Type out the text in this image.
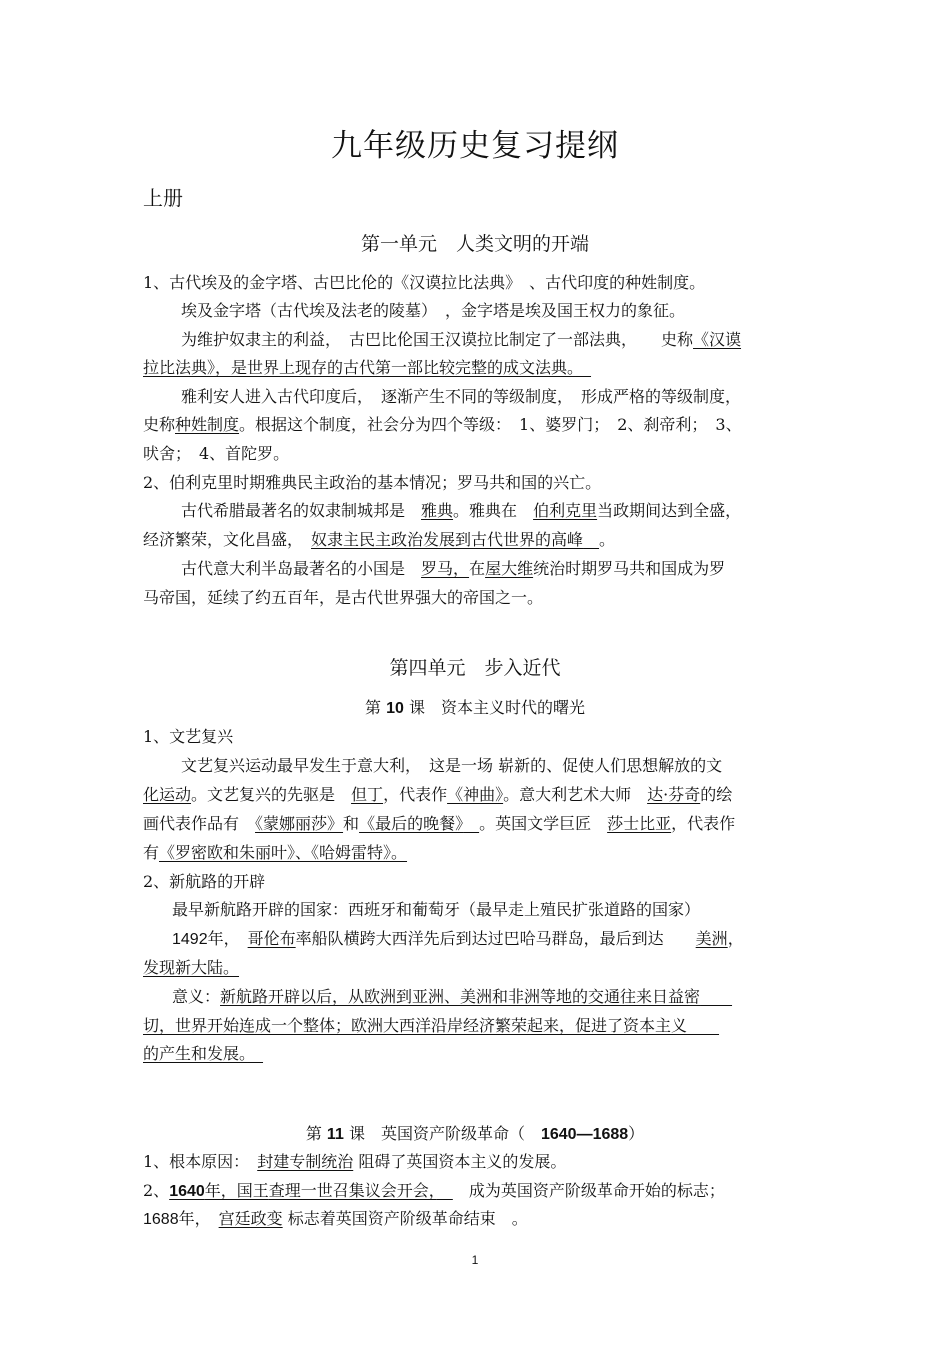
九年级历史复习提纲
上册
第一单元　人类文明的开端
1、古代埃及的金字塔、古巴比伦的《汉谟拉比法典》　、古代印度的种姓制度。
埃及金字塔（古代埃及法老的陵墓）　，金字塔是埃及国王权力的象征。
为维护奴隶主的利益，　古巴比伦国王汉谟拉比制定了一部法典，　　史称《汉谟
拉比法典》，是世界上现存的古代第一部比较完整的成文法典。　
雅利安人进入古代印度后，　逐渐产生不同的等级制度，　形成严格的等级制度，
史称种姓制度。根据这个制度，社会分为四个等级：　1、婆罗门；　2、刹帝利；　3、
吠舍；　4、首陀罗。
2、伯利克里时期雅典民主政治的基本情况；罗马共和国的兴亡。
古代希腊最著名的奴隶制城邦是　 雅典。雅典在　 伯利克里当政期间达到全盛，
经济繁荣，文化昌盛，　奴隶主民主政治发展到古代世界的高峰　 。
古代意大利半岛最著名的小国是　 罗马，在屋大维统治时期罗马共和国成为罗
马帝国，延续了约五百年，是古代世界强大的帝国之一。
第四单元　步入近代
第 10 课　资本主义时代的曙光
1、文艺复兴
文艺复兴运动最早发生于意大利，　这是一场 崭新的、促使人们思想解放的文
化运动。文艺复兴的先驱是　 但丁，代表作《神曲》。意大利艺术大师　 达·芬奇的绘
画代表作品有　 《蒙娜丽莎》和《最后的晚餐》　 。英国文学巨匠　 莎士比亚，代表作
有《罗密欧和朱丽叶》、《哈姆雷特》。
2、新航路的开辟
最早新航路开辟的国家：西班牙和葡萄牙（最早走上殖民扩张道路的国家）
1492年，　 哥伦布率船队横跨大西洋先后到达过巴哈马群岛，最后到达　　 美洲，
发现新大陆。
意义：新航路开辟以后，从欧洲到亚洲、美洲和非洲等地的交通往来日益密　　
切，世界开始连成一个整体；欧洲大西洋沿岸经济繁荣起来，促进了资本主义　　
的产生和发展。　
第 11 课　英国资产阶级革命（　 1640—1688）
1、根本原因：　 封建专制统治 阻碍了英国资本主义的发展。
2、1640年，国王查理一世召集议会开会，　　 成为英国资产阶级革命开始的标志；
1688年，　 宫廷政变 标志着英国资产阶级革命结束　。
1
